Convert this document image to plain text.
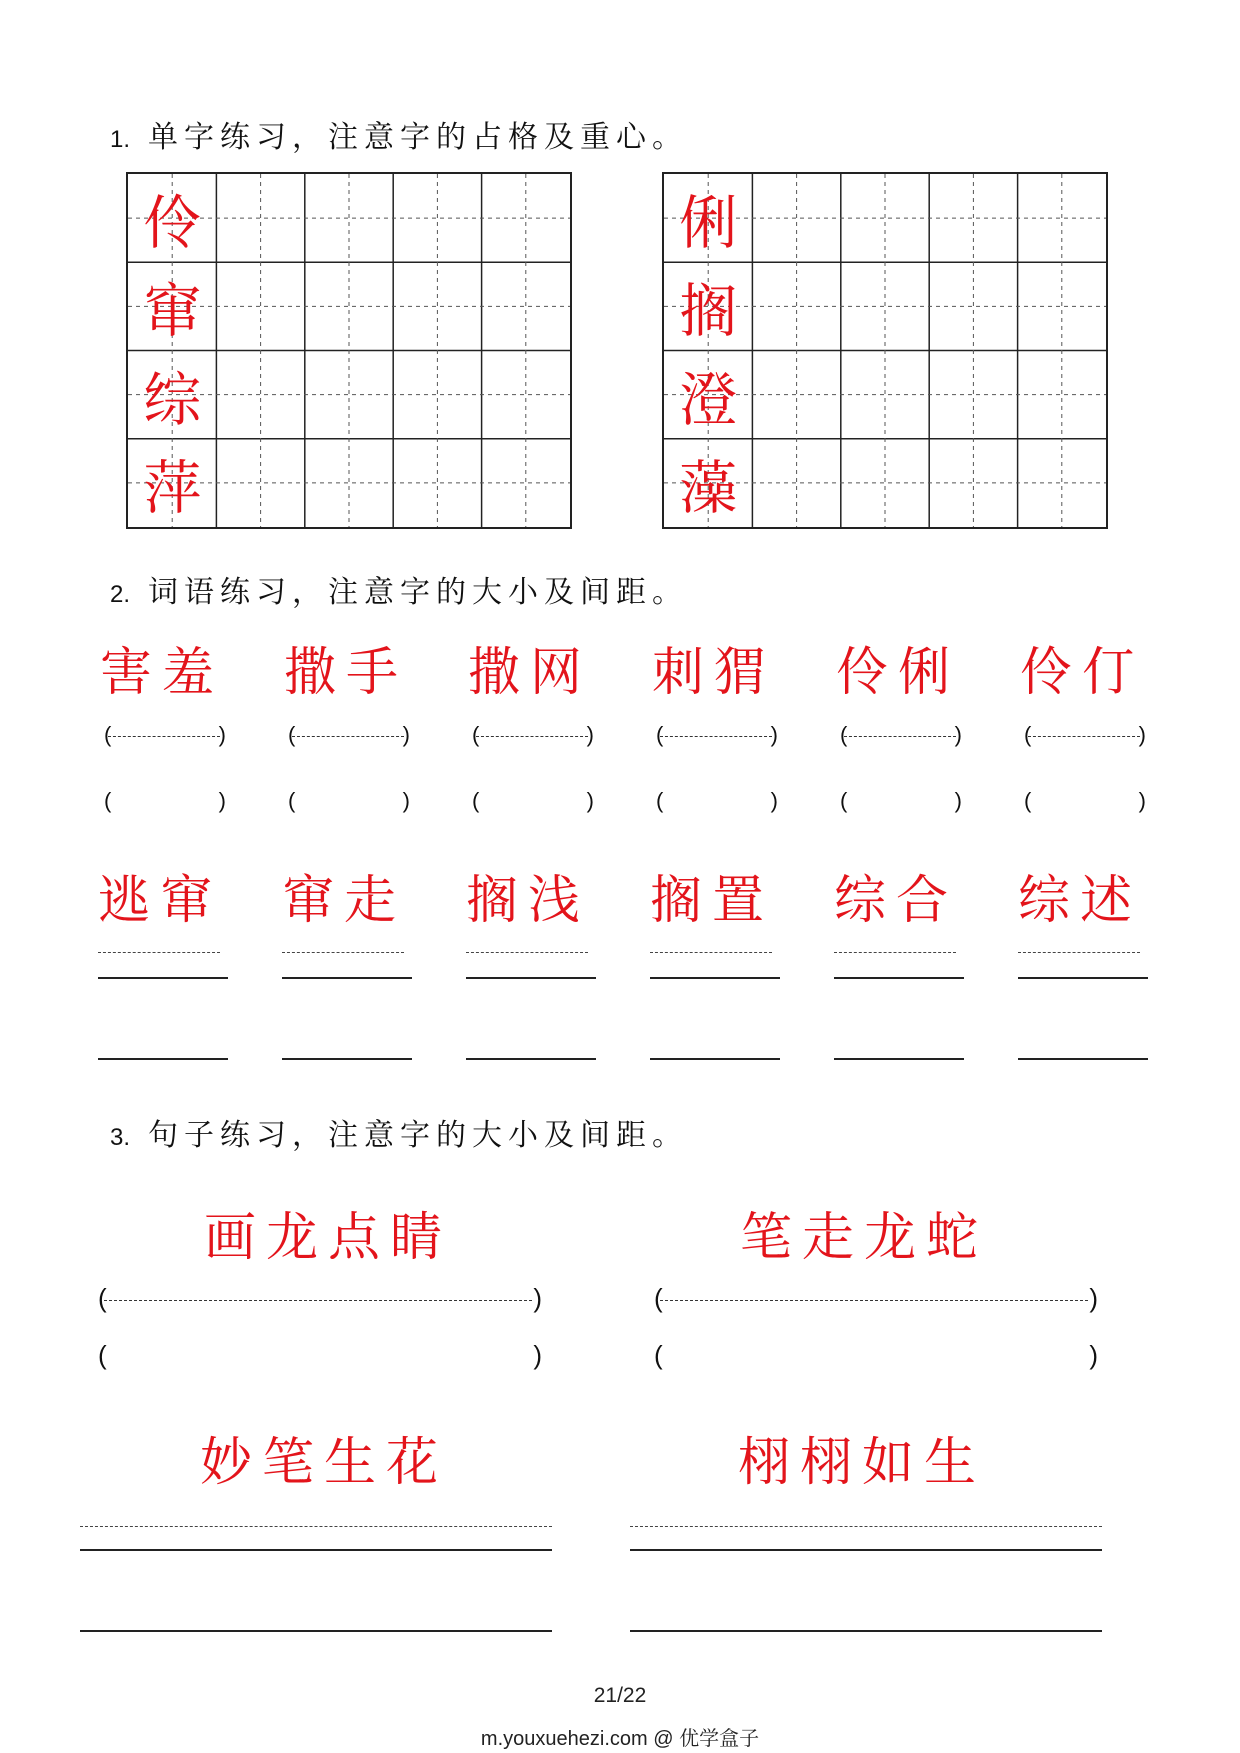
1. 单字练习，注意字的占格及重心。
伶
窜
综
萍
俐
搁
澄
藻
2. 词语练习，注意字的大小及间距。
害羞
(	)
(	)
撒手
(	)
(	)
撒网
(	)
(	)
刺猬
(	)
(	)
伶俐
(	)
(	)
伶仃
(	)
(	)
逃窜 窜走 搁浅 搁置 综合 综述
3. 句子练习，注意字的大小及间距。
画龙点睛	笔走龙蛇
(	)	(	)
(	)	(	)
妙笔生花	栩栩如生
21/22
m.youxuehezi.com @ 优学盒子
